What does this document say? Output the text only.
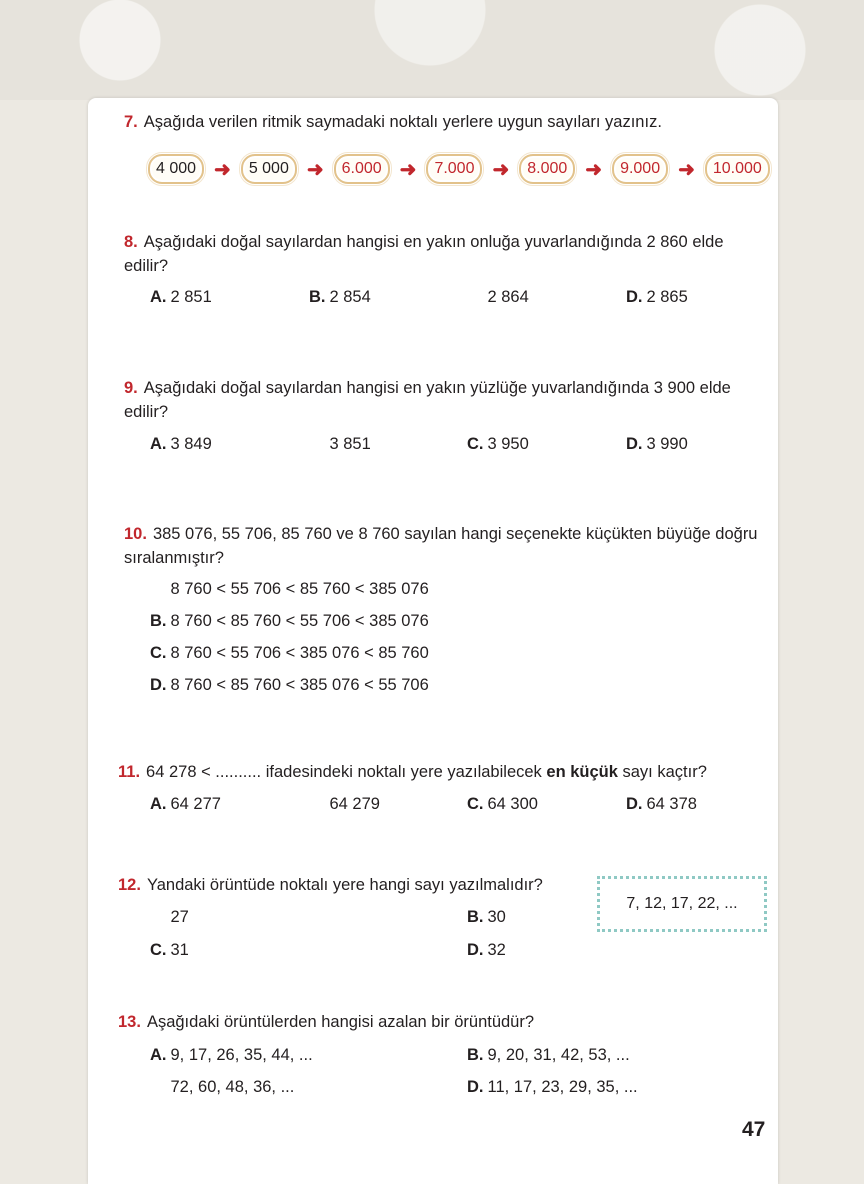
7. Aşağıda verilen ritmik saymadaki noktalı yerlere uygun sayıları yazınız.
4 000 ➜	5 000 ➜	6.000 ➜	7.000 ➜	8.000 ➜	9.000 ➜	10.000
8. Aşağıdaki doğal sayılardan hangisi en yakın onluğa yuvarlandığında 2 860 elde edilir?
A. 2 851	B. 2 854	C. 2 864	D. 2 865
9. Aşağıdaki doğal sayılardan hangisi en yakın yüzlüğe yuvarlandığında 3 900 elde edilir?
A. 3 849	B. 3 851	C. 3 950	D. 3 990
10. 385 076, 55 706, 85 760 ve 8 760 sayılan hangi seçenekte küçükten büyüğe doğru sıralanmıştır?
A. 8 760 < 55 706 < 85 760 < 385 076
B. 8 760 < 85 760 < 55 706 < 385 076
C. 8 760 < 55 706 < 385 076 < 85 760
D. 8 760 < 85 760 < 385 076 < 55 706
11. 64 278 < .......... ifadesindeki noktalı yere yazılabilecek en küçük sayı kaçtır?
A. 64 277	B. 64 279	C. 64 300	D. 64 378
12. Yandaki örüntüde noktalı yere hangi sayı yazılmalıdır?
7, 12, 17, 22, ...
A. 27	B. 30
C. 31	D. 32
13. Aşağıdaki örüntülerden hangisi azalan bir örüntüdür?
A. 9, 17, 26, 35, 44, ...	B. 9, 20, 31, 42, 53, ...
C. 72, 60, 48, 36, ...	D. 11, 17, 23, 29, 35, ...
47
